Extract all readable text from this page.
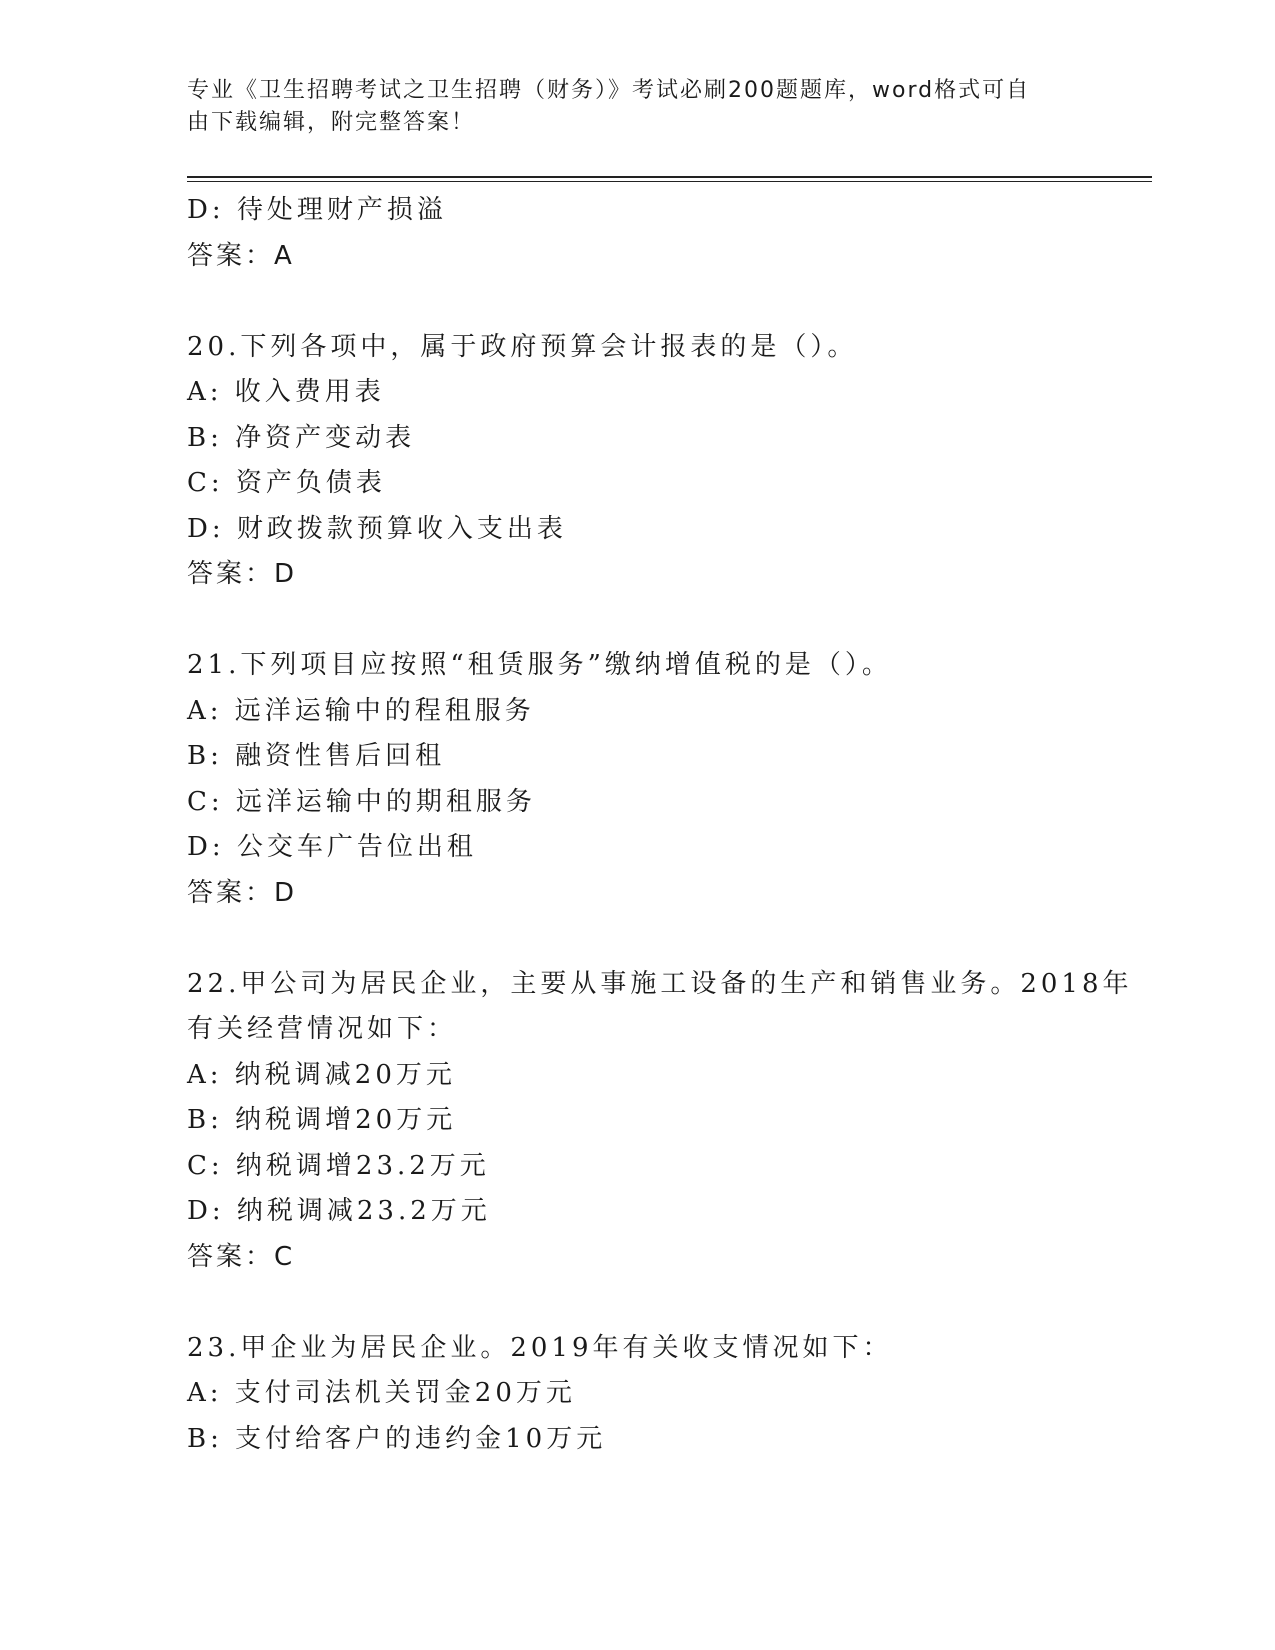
专业《卫生招聘考试之卫生招聘（财务）》考试必刷200题题库，word格式可自
由下载编辑，附完整答案！
D: 待处理财产损溢
答案：A
20.下列各项中，属于政府预算会计报表的是（）。
A: 收入费用表
B: 净资产变动表
C: 资产负债表
D: 财政拨款预算收入支出表
答案：D
21.下列项目应按照“租赁服务”缴纳增值税的是（）。
A: 远洋运输中的程租服务
B: 融资性售后回租
C: 远洋运输中的期租服务
D: 公交车广告位出租
答案：D
22.甲公司为居民企业，主要从事施工设备的生产和销售业务。2018年
有关经营情况如下：
A: 纳税调减20万元
B: 纳税调增20万元
C: 纳税调增23.2万元
D: 纳税调减23.2万元
答案：C
23.甲企业为居民企业。2019年有关收支情况如下：
A: 支付司法机关罚金20万元
B: 支付给客户的违约金10万元
